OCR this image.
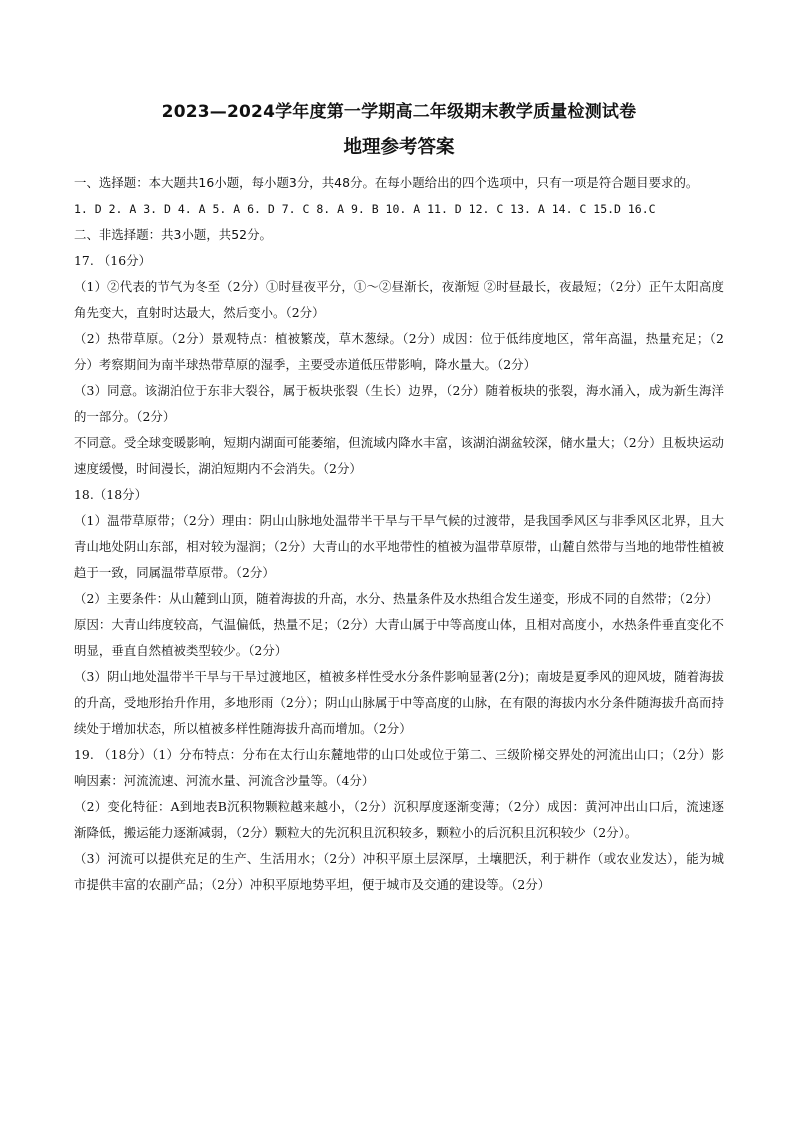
2023—2024学年度第一学期高二年级期末教学质量检测试卷
地理参考答案

一、选择题：本大题共16小题，每小题3分，共48分。在每小题给出的四个选项中，只有一项是符合题目要求的。

1. D 2. A 3. D 4. A 5. A 6. D 7. C 8. A 9. B 10. A 11. D 12. C 13. A 14. C 15.D 16.C

二、非选择题：共3小题，共52分。

17. （16分）

（1）②代表的节气为冬至（2分）①时昼夜平分，①～②昼渐长，夜渐短 ②时昼最长，夜最短；（2分）正午太阳高度角先变大，直射时达最大，然后变小。（2分）

（2）热带草原。（2分）景观特点：植被繁茂，草木葱绿。（2分）成因：位于低纬度地区，常年高温，热量充足；（2分）考察期间为南半球热带草原的湿季，主要受赤道低压带影响，降水量大。（2分）

（3）同意。该湖泊位于东非大裂谷，属于板块张裂（生长）边界，（2分）随着板块的张裂，海水涌入，成为新生海洋的一部分。（2分）

不同意。受全球变暖影响，短期内湖面可能萎缩，但流域内降水丰富，该湖泊湖盆较深，储水量大；（2分）且板块运动速度缓慢，时间漫长，湖泊短期内不会消失。（2分）

18.（18分）

（1）温带草原带；（2分）理由：阴山山脉地处温带半干旱与干旱气候的过渡带，是我国季风区与非季风区北界，且大青山地处阴山东部，相对较为湿润；（2分）大青山的水平地带性的植被为温带草原带，山麓自然带与当地的地带性植被趋于一致，同属温带草原带。（2分）

（2）主要条件：从山麓到山顶，随着海拔的升高，水分、热量条件及水热组合发生递变，形成不同的自然带；（2分）

原因：大青山纬度较高，气温偏低，热量不足；（2分）大青山属于中等高度山体，且相对高度小，水热条件垂直变化不明显，垂直自然植被类型较少。（2分）

（3）阴山地处温带半干旱与干旱过渡地区，植被多样性受水分条件影响显著(2分)；南坡是夏季风的迎风坡，随着海拔的升高，受地形抬升作用，多地形雨（2分）；阴山山脉属于中等高度的山脉，在有限的海拔内水分条件随海拔升高而持续处于增加状态，所以植被多样性随海拔升高而增加。（2分）

19. （18分）（1）分布特点：分布在太行山东麓地带的山口处或位于第二、三级阶梯交界处的河流出山口；（2分）影响因素：河流流速、河流水量、河流含沙量等。（4分）

（2）变化特征：A到地表B沉积物颗粒越来越小，（2分）沉积厚度逐渐变薄；（2分）成因：黄河冲出山口后，流速逐渐降低，搬运能力逐渐减弱，（2分）颗粒大的先沉积且沉积较多，颗粒小的后沉积且沉积较少（2分）。

（3）河流可以提供充足的生产、生活用水；（2分）冲积平原土层深厚，土壤肥沃，利于耕作（或农业发达），能为城市提供丰富的农副产品；（2分）冲积平原地势平坦，便于城市及交通的建设等。（2分）
